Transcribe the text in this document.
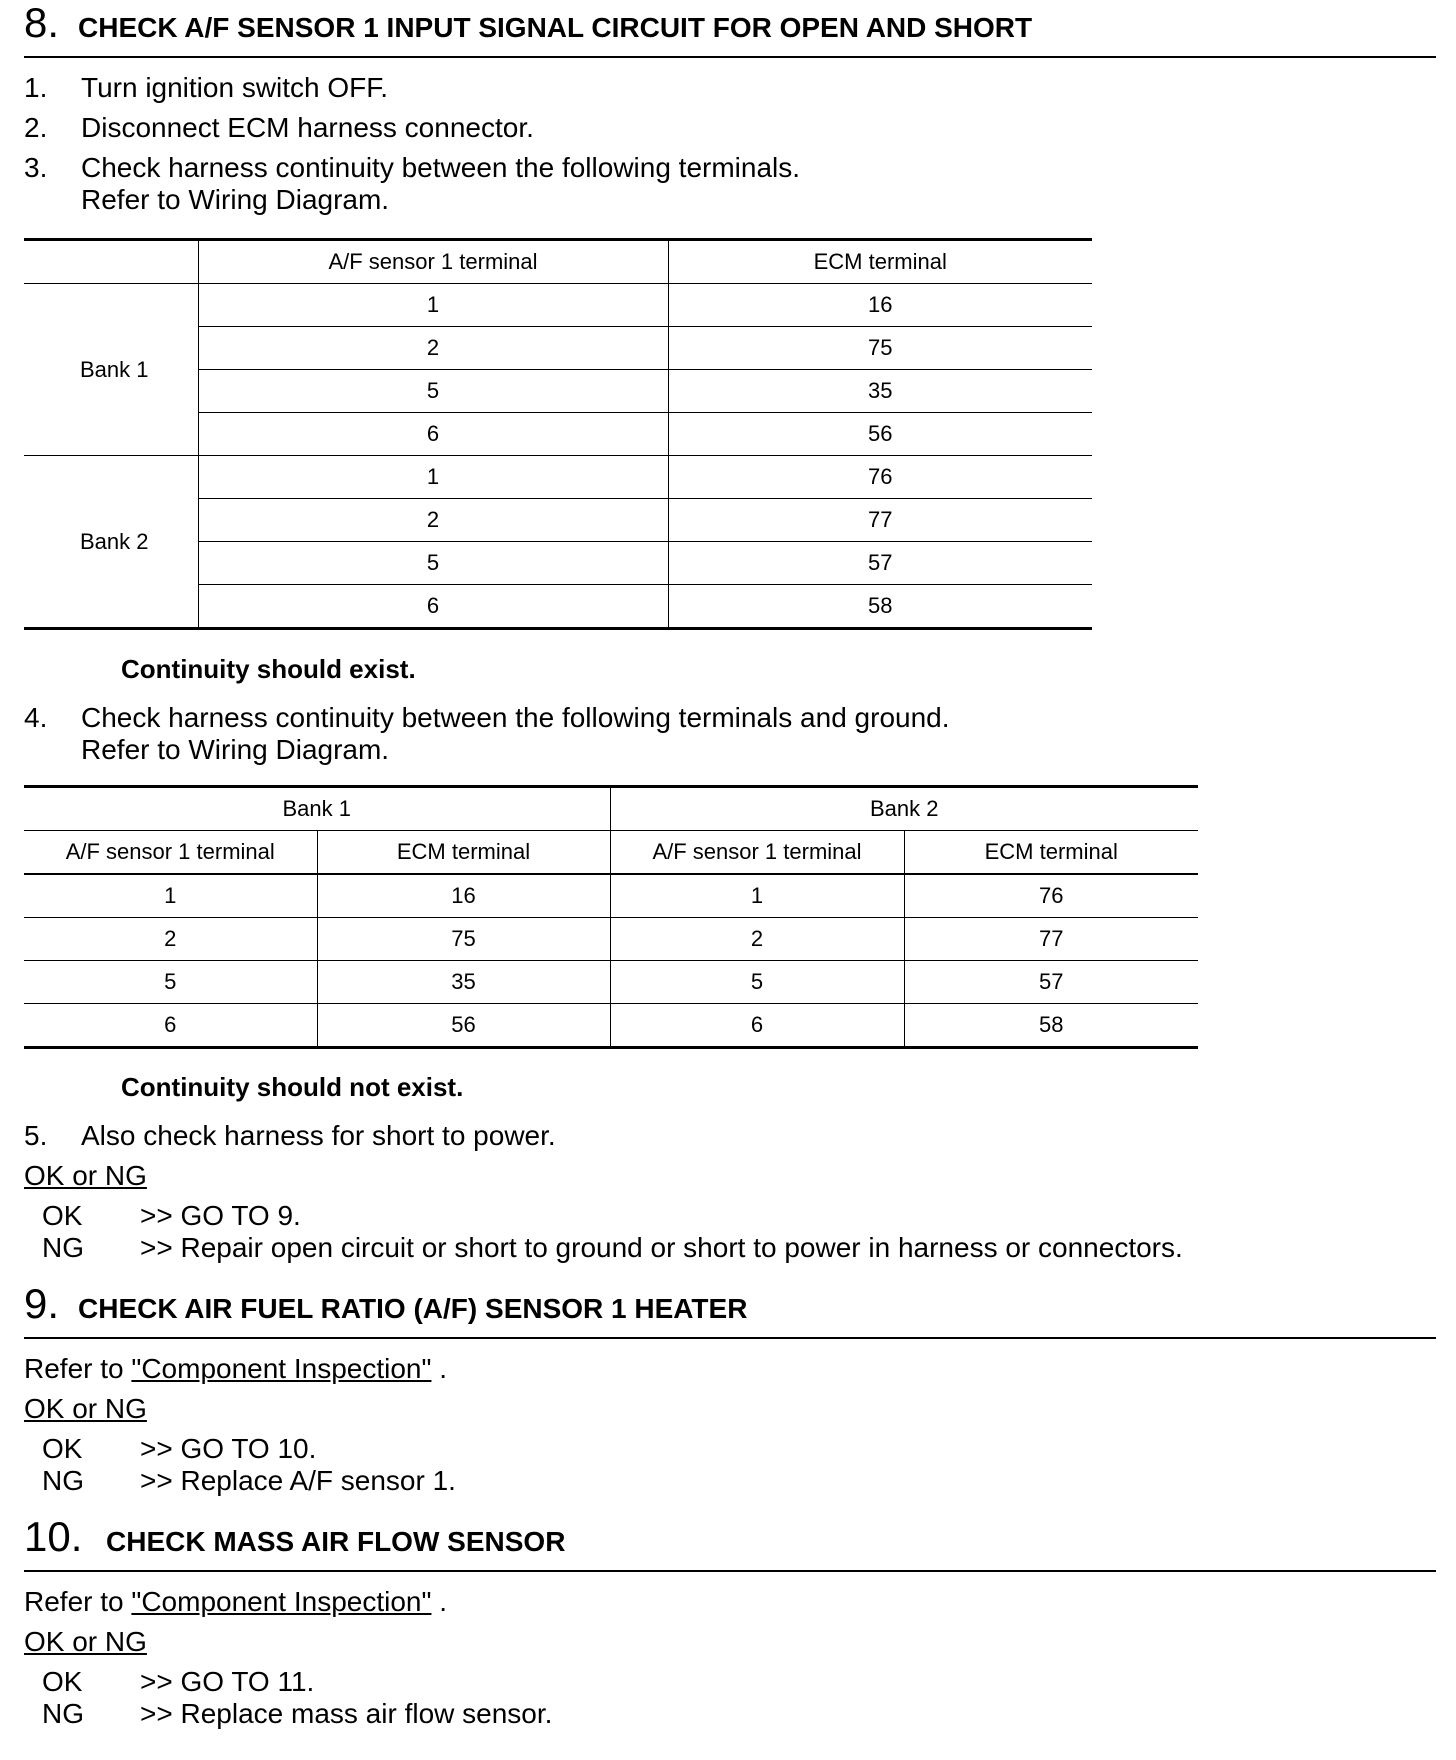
8. CHECK A/F SENSOR 1 INPUT SIGNAL CIRCUIT FOR OPEN AND SHORT
1. Turn ignition switch OFF.
2. Disconnect ECM harness connector.
3. Check harness continuity between the following terminals.
Refer to Wiring Diagram.
	A/F sensor 1 terminal	ECM terminal
Bank 1	1	16
	2	75
	5	35
	6	56
Bank 2	1	76
	2	77
	5	57
	6	58
Continuity should exist.
4. Check harness continuity between the following terminals and ground.
Refer to Wiring Diagram.
Bank 1		Bank 2	
A/F sensor 1 terminal	ECM terminal	A/F sensor 1 terminal	ECM terminal
1	16	1	76
2	75	2	77
5	35	5	57
6	56	6	58
Continuity should not exist.
5. Also check harness for short to power.
OK or NG
OK >> GO TO 9.
NG >> Repair open circuit or short to ground or short to power in harness or connectors.
9. CHECK AIR FUEL RATIO (A/F) SENSOR 1 HEATER
Refer to "Component Inspection" .
OK or NG
OK >> GO TO 10.
NG >> Replace A/F sensor 1.
10. CHECK MASS AIR FLOW SENSOR
Refer to "Component Inspection" .
OK or NG
OK >> GO TO 11.
NG >> Replace mass air flow sensor.
